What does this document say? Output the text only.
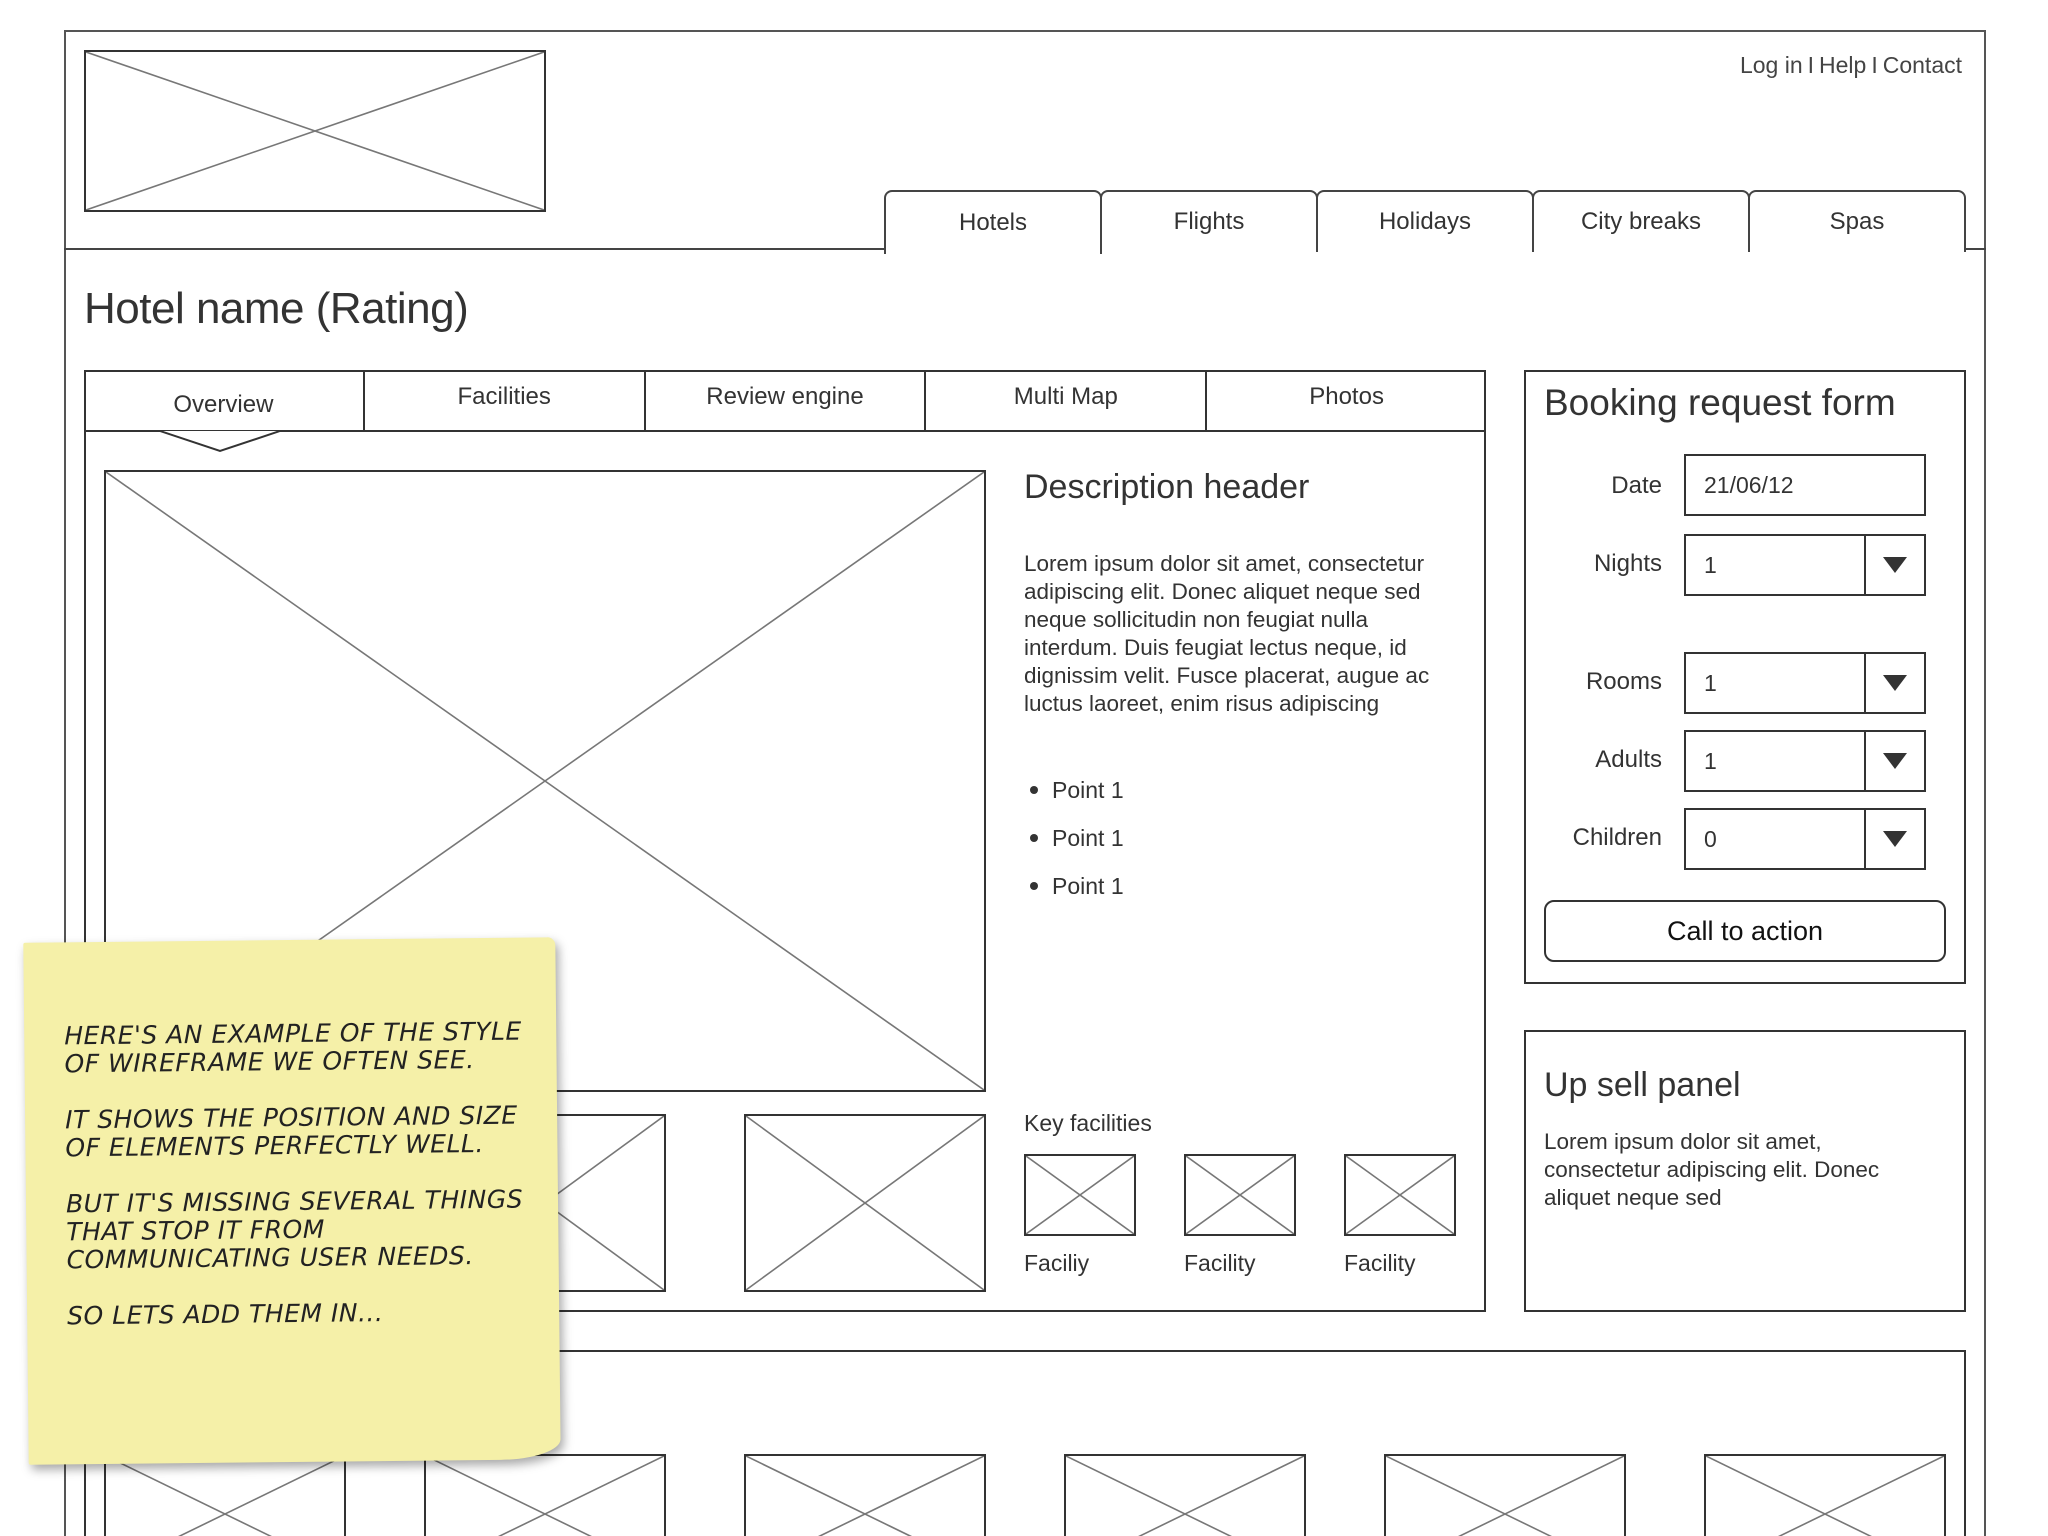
Log in I Help I Contact
Hotels	Flights	Holidays	City breaks	Spas
Hotel name (Rating)
Overview	Facilities	Review engine	Multi Map	Photos
Description header
Lorem ipsum dolor sit amet, consectetur adipiscing elit. Donec aliquet neque sed neque sollicitudin non feugiat nulla interdum. Duis feugiat lectus neque, id dignissim velit. Fusce placerat, augue ac luctus laoreet, enim risus adipiscing
Point 1
Point 1
Point 1
Key facilities
Faciliy	Facility	Facility
Booking request form
Date 21/06/12
Nights 1
Rooms 1
Adults 1
Children 0
Call to action
Up sell panel
Lorem ipsum dolor sit amet, consectetur adipiscing elit. Donec aliquet neque sed

HERE'S AN EXAMPLE OF THE STYLE OF WIREFRAME WE OFTEN SEE.

IT SHOWS THE POSITION AND SIZE OF ELEMENTS PERFECTLY WELL.

BUT IT'S MISSING SEVERAL THINGS THAT STOP IT FROM COMMUNICATING USER NEEDS.

SO LETS ADD THEM IN...
